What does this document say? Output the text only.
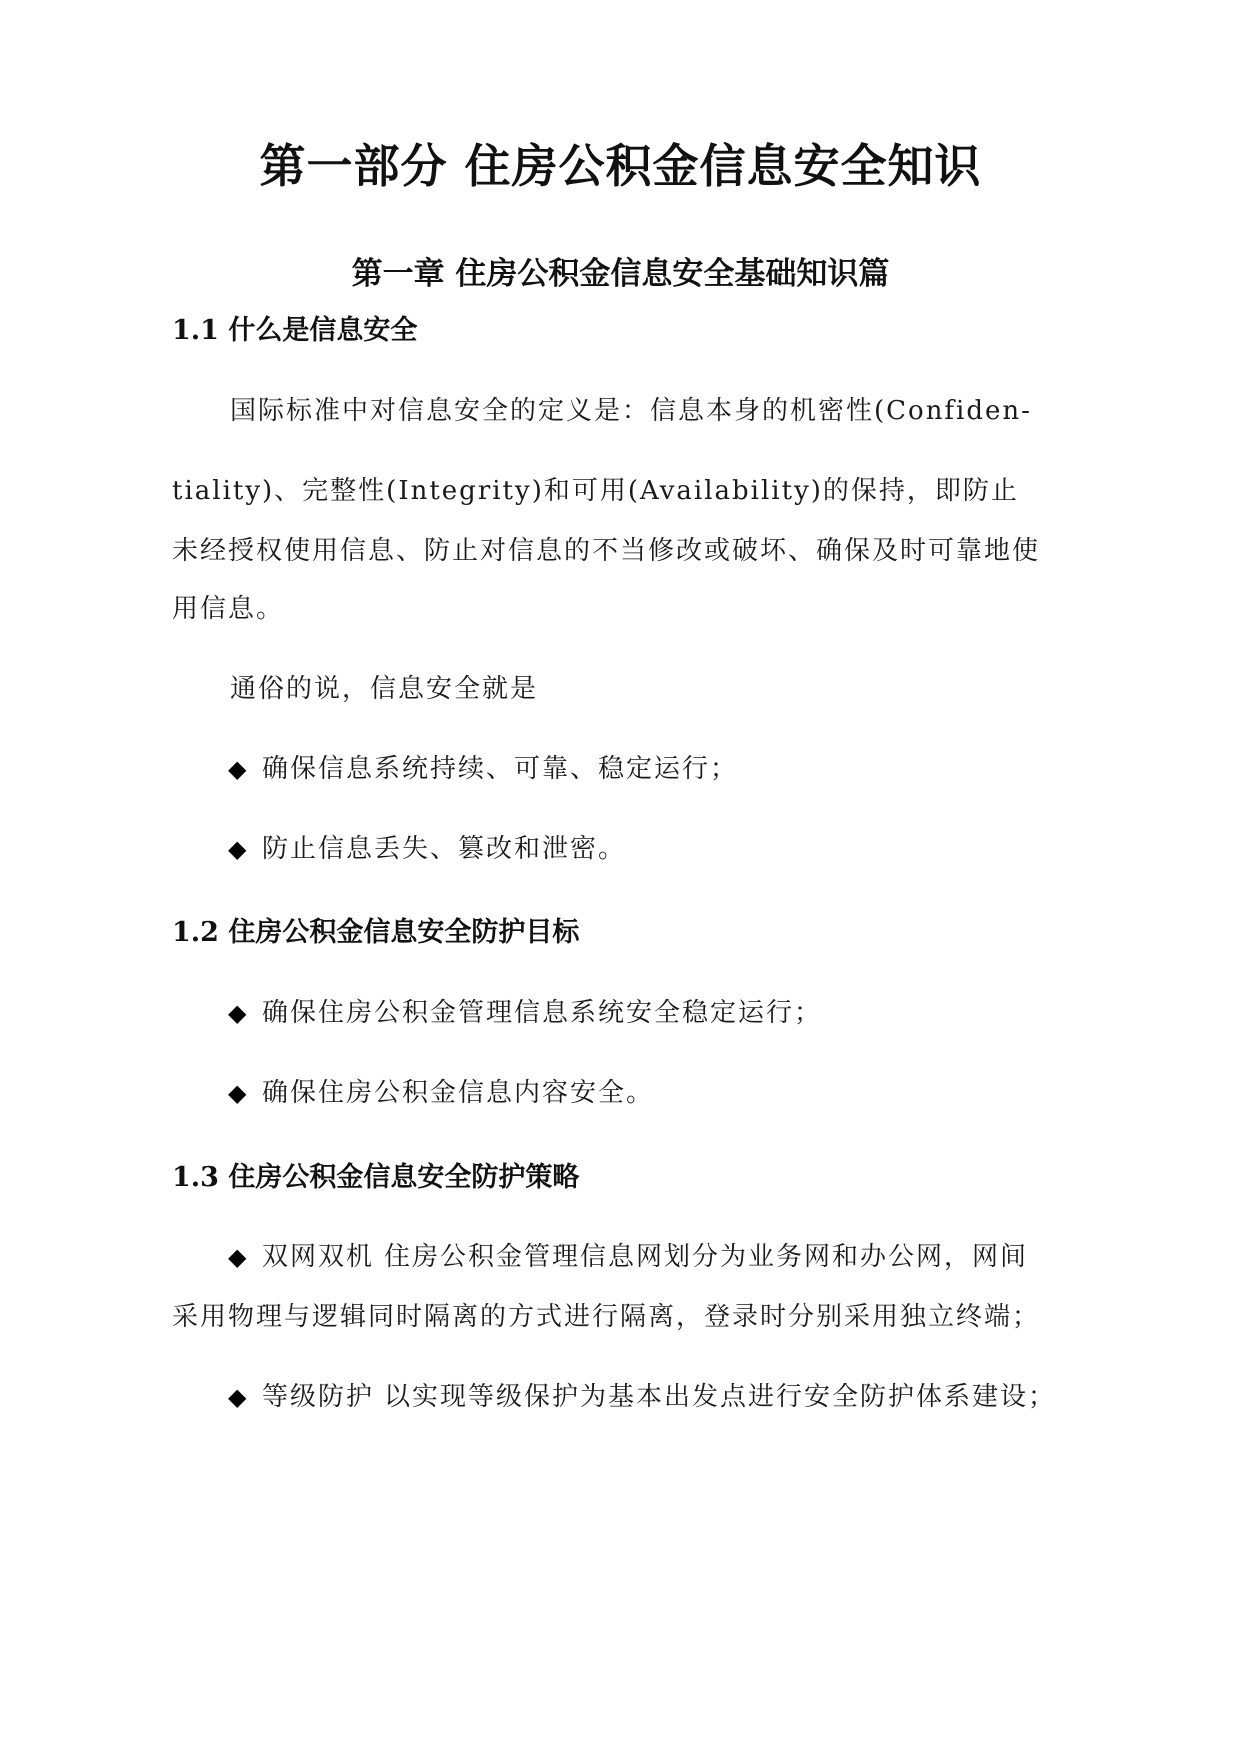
第一部分 住房公积金信息安全知识
第一章 住房公积金信息安全基础知识篇
1.1 什么是信息安全

国际标准中对信息安全的定义是：信息本身的机密性(Confiden-

tiality)、完整性(Integrity)和可用(Availability)的保持，即防止

未经授权使用信息、防止对信息的不当修改或破坏、确保及时可靠地使

用信息。

通俗的说，信息安全就是

◆ 确保信息系统持续、可靠、稳定运行；
◆ 防止信息丢失、篡改和泄密。
1.2 住房公积金信息安全防护目标
◆ 确保住房公积金管理信息系统安全稳定运行；
◆ 确保住房公积金信息内容安全。
1.3 住房公积金信息安全防护策略
◆ 双网双机 住房公积金管理信息网划分为业务网和办公网，网间

采用物理与逻辑同时隔离的方式进行隔离，登录时分别采用独立终端；

◆ 等级防护 以实现等级保护为基本出发点进行安全防护体系建设；
